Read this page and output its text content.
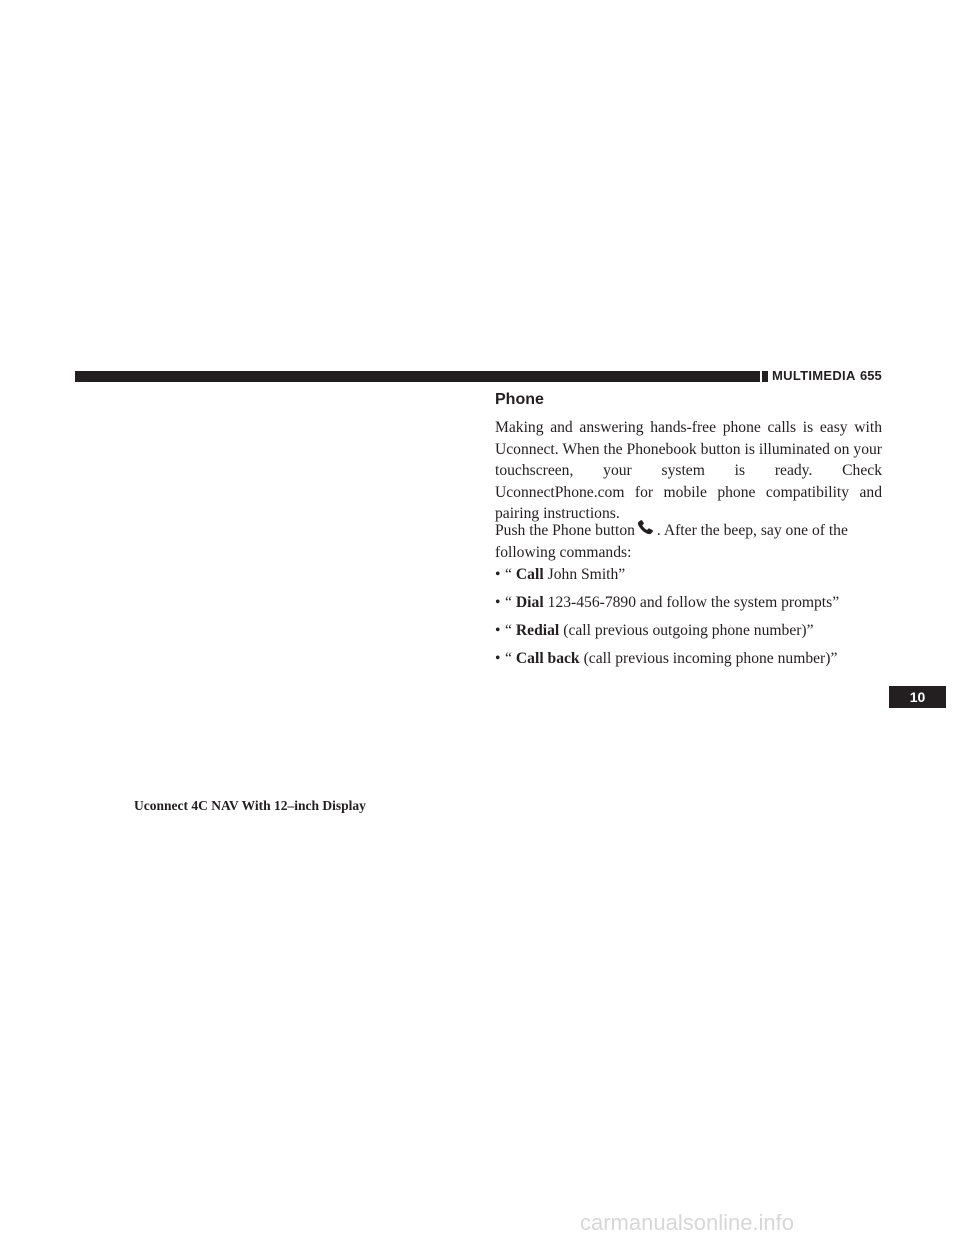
MULTIMEDIA 655
Phone
Making and answering hands-free phone calls is easy with Uconnect. When the Phonebook button is illuminated on your touchscreen, your system is ready. Check UconnectPhone.com for mobile phone compatibility and pairing instructions.
Push the Phone button . After the beep, say one of the following commands:
• “ Call John Smith”
• “ Dial 123-456-7890 and follow the system prompts”
• “ Redial (call previous outgoing phone number)”
• “ Call back (call previous incoming phone number)”
10
Uconnect 4C NAV With 12–inch Display
carmanualsonline.info
